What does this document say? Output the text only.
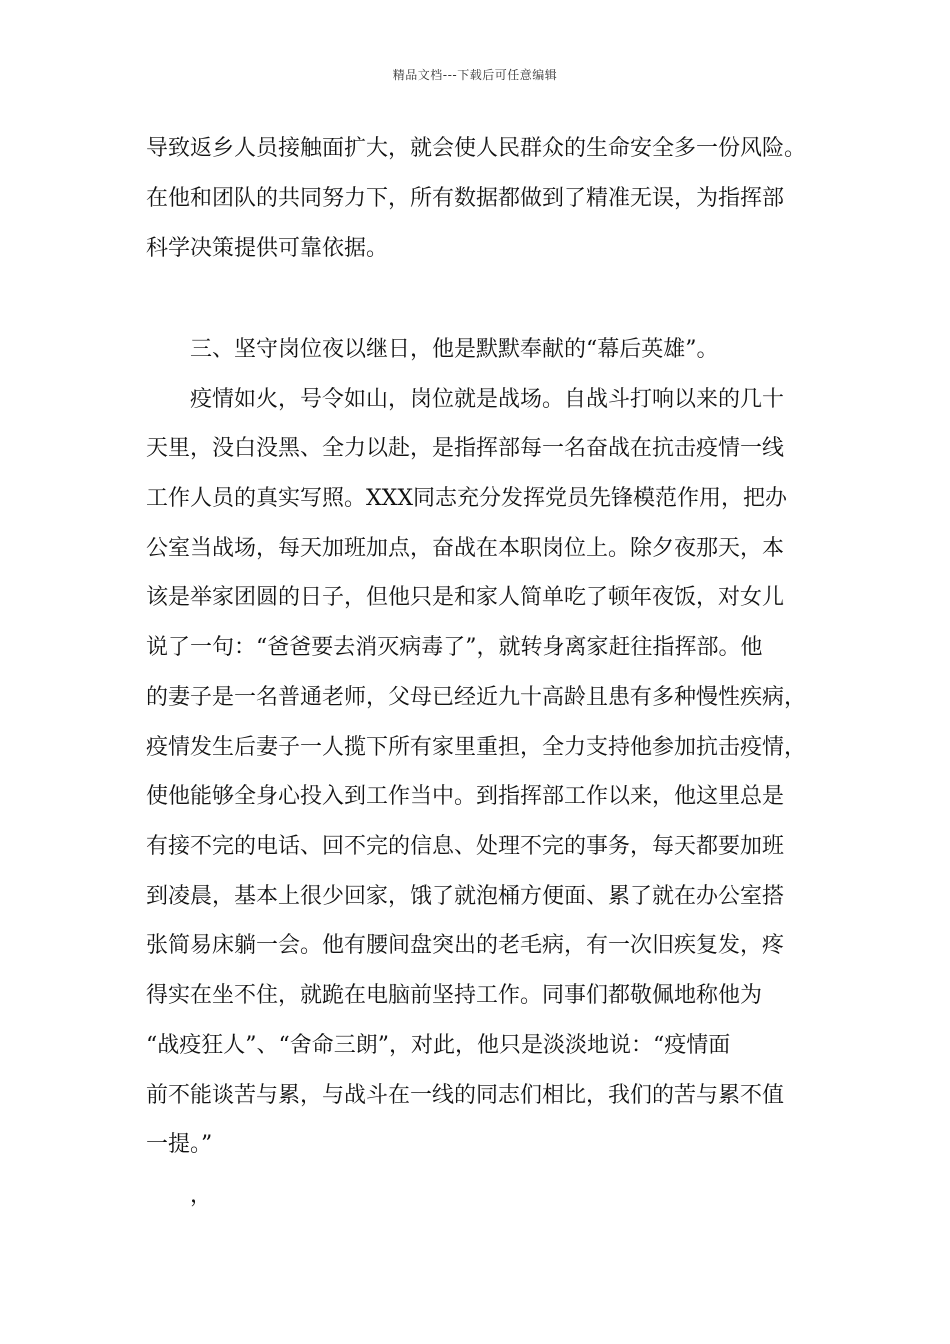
精品文档---下载后可任意编辑
导致返乡人员接触面扩大，就会使人民群众的生命安全多一份风险。
在他和团队的共同努力下，所有数据都做到了精准无误，为指挥部
科学决策提供可靠依据。
三、坚守岗位夜以继日，他是默默奉献的“幕后英雄”。
疫情如火，号令如山，岗位就是战场。自战斗打响以来的几十
天里，没白没黑、全力以赴，是指挥部每一名奋战在抗击疫情一线
工作人员的真实写照。XXX同志充分发挥党员先锋模范作用，把办
公室当战场，每天加班加点，奋战在本职岗位上。除夕夜那天，本
该是举家团圆的日子，但他只是和家人简单吃了顿年夜饭，对女儿
说了一句：“爸爸要去消灭病毒了”，就转身离家赶往指挥部。他
的妻子是一名普通老师，父母已经近九十高龄且患有多种慢性疾病，
疫情发生后妻子一人揽下所有家里重担，全力支持他参加抗击疫情，
使他能够全身心投入到工作当中。到指挥部工作以来，他这里总是
有接不完的电话、回不完的信息、处理不完的事务，每天都要加班
到凌晨，基本上很少回家，饿了就泡桶方便面、累了就在办公室搭
张简易床躺一会。他有腰间盘突出的老毛病，有一次旧疾复发，疼
得实在坐不住，就跪在电脑前坚持工作。同事们都敬佩地称他为
“战疫狂人”、“舍命三朗”，对此，他只是淡淡地说：“疫情面
前不能谈苦与累，与战斗在一线的同志们相比，我们的苦与累不值
一提。”
，
